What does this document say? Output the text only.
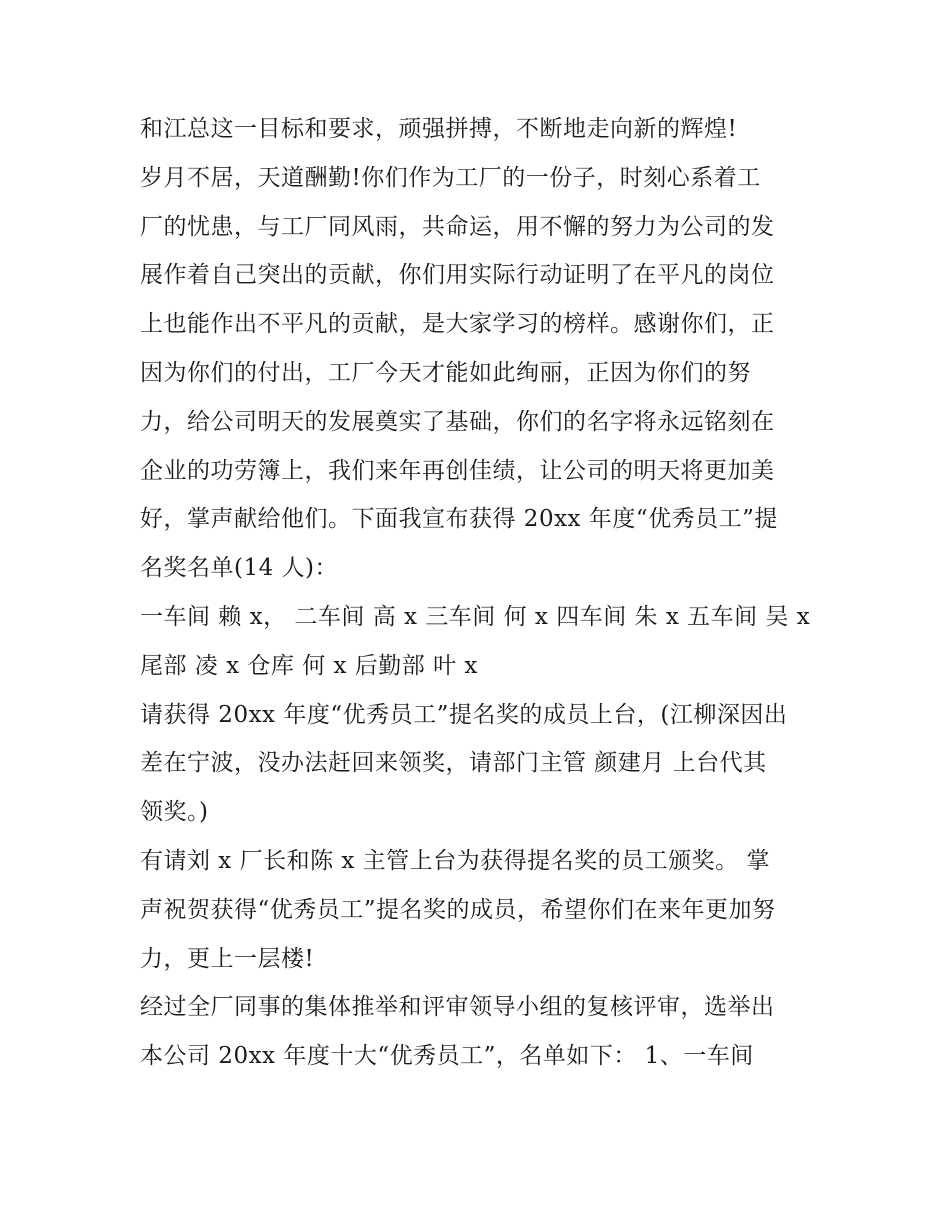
和江总这一目标和要求，顽强拼搏，不断地走向新的辉煌!
岁月不居，天道酬勤!你们作为工厂的一份子，时刻心系着工
厂的忧患，与工厂同风雨，共命运，用不懈的努力为公司的发
展作着自己突出的贡献，你们用实际行动证明了在平凡的岗位
上也能作出不平凡的贡献，是大家学习的榜样。感谢你们，正
因为你们的付出，工厂今天才能如此绚丽，正因为你们的努
力，给公司明天的发展奠实了基础，你们的名字将永远铭刻在
企业的功劳簿上，我们来年再创佳绩，让公司的明天将更加美
好，掌声献给他们。下面我宣布获得 20xx 年度“优秀员工”提
名奖名单(14 人)：
一车间 赖 x， 二车间 高 x 三车间 何 x 四车间 朱 x 五车间 吴 x
尾部 凌 x 仓库 何 x 后勤部 叶 x
请获得 20xx 年度“优秀员工”提名奖的成员上台，(江柳深因出
差在宁波，没办法赶回来领奖，请部门主管 颜建月 上台代其
领奖。)
有请刘 x 厂长和陈 x 主管上台为获得提名奖的员工颁奖。 掌
声祝贺获得“优秀员工”提名奖的成员，希望你们在来年更加努
力，更上一层楼!
经过全厂同事的集体推举和评审领导小组的复核评审，选举出
本公司 20xx 年度十大“优秀员工”，名单如下： 1、一车间
